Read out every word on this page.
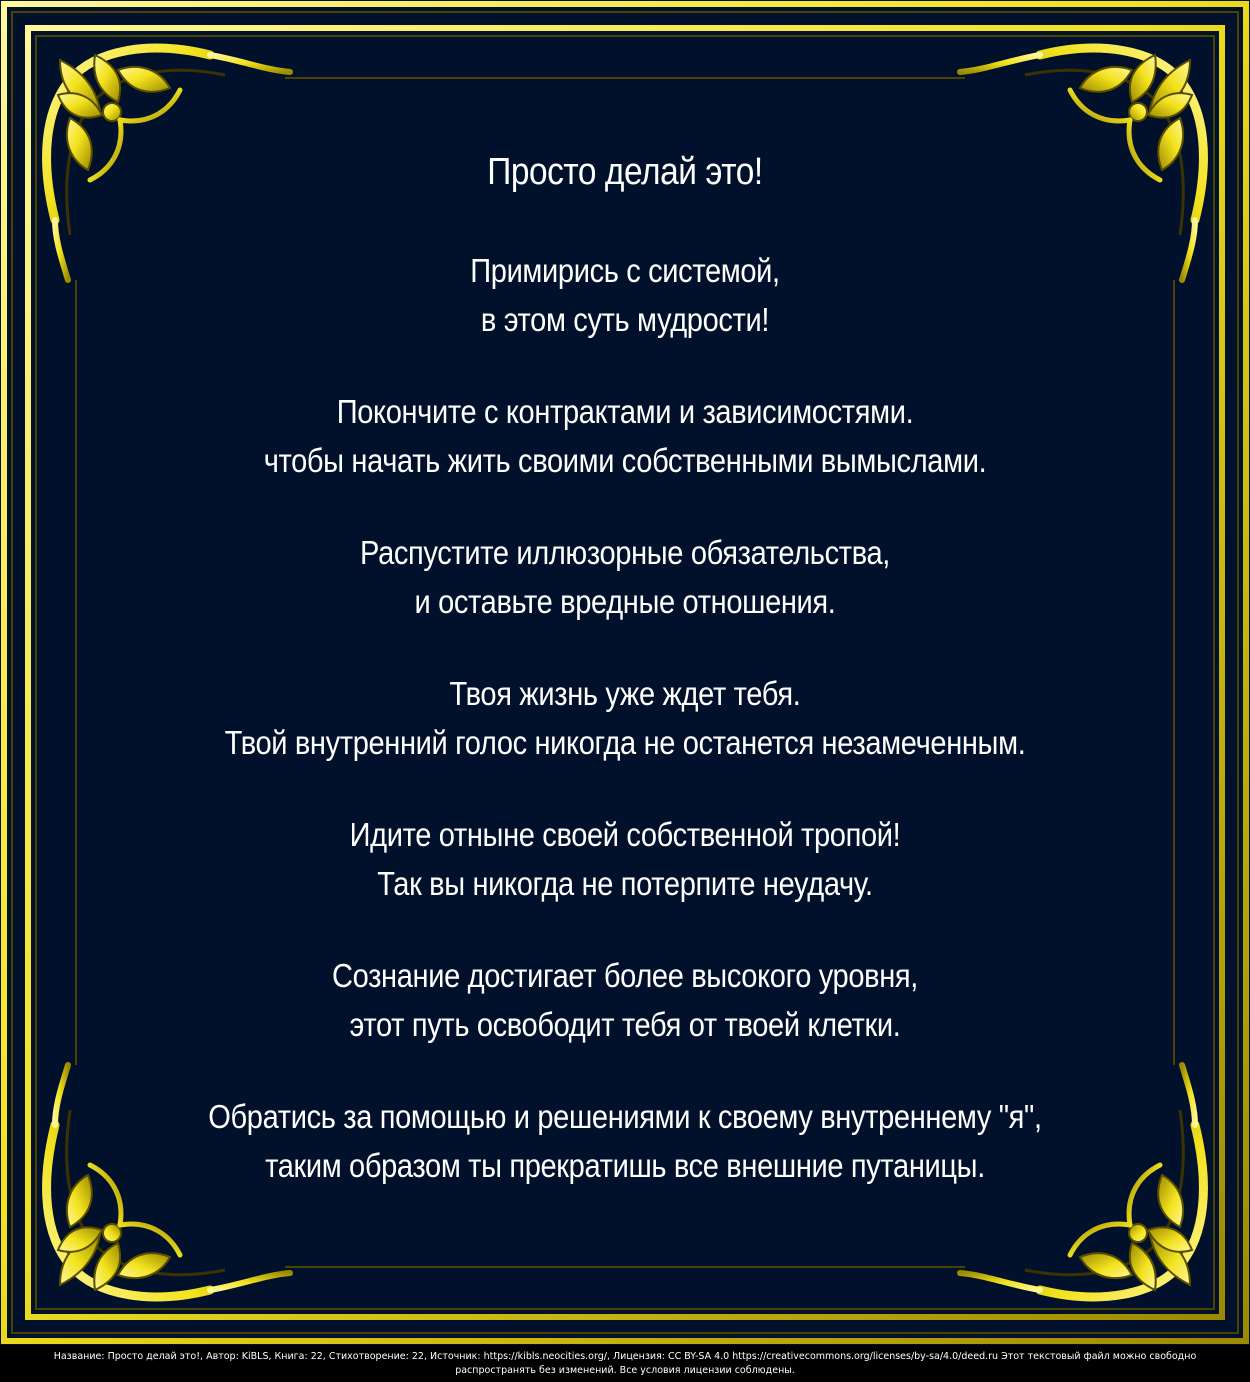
Просто делай это!
Примирись с системой,
в этом суть мудрости!
Покончите с контрактами и зависимостями.
чтобы начать жить своими собственными вымыслами.
Распустите иллюзорные обязательства,
и оставьте вредные отношения.
Твоя жизнь уже ждет тебя.
Твой внутренний голос никогда не останется незамеченным.
Идите отныне своей собственной тропой!
Так вы никогда не потерпите неудачу.
Сознание достигает более высокого уровня,
этот путь освободит тебя от твоей клетки.
Обратись за помощью и решениями к своему внутреннему "я",
таким образом ты прекратишь все внешние путаницы.
Название: Просто делай это!, Автор: KiBLS, Книга: 22, Стихотворение: 22, Источник: https://kibls.neocities.org/, Лицензия: CC BY-SA 4.0 https://creativecommons.org/licenses/by-sa/4.0/deed.ru Этот текстовый файл можно свободно
распространять без изменений. Все условия лицензии соблюдены.
